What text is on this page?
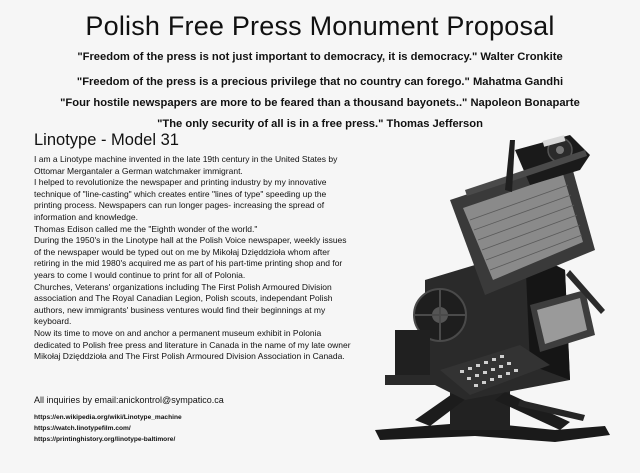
Polish Free Press Monument Proposal
"Freedom of the press is not just important to democracy, it is democracy." Walter Cronkite
"Freedom of the press is a precious privilege that no country can forego." Mahatma Gandhi
"Four hostile newspapers are more to be feared than a thousand bayonets.." Napoleon Bonaparte
"The only security of all is in a free press." Thomas Jefferson
Linotype - Model 31

I am a Linotype machine invented in the late 19th century in the United States by Ottomar Mergantaler a German watchmaker immigrant.

I helped to revolutionize the newspaper and printing industry by my innovative technique of "line-casting" which creates entire "lines of type" speeding up the printing process. Newspapers can run longer pages- increasing the spread of information and knowledge.

Thomas Edison called me the "Eighth wonder of the world."

During the 1950's in the Linotype hall at the Polish Voice newspaper, weekly issues of the newspaper would be typed out on me by Mikołaj Dzięddzioła whom after retiring in the mid 1980's acquired me as part of his part-time printing shop and for years to come I would continue to print for all of Polonia.

Churches, Veterans' organizations including The First Polish Armoured Division association and The Royal Canadian Legion, Polish scouts, independant Polish authors, new immigrants' business ventures would find their beginnings at my keyboard.

Now its time to move on and anchor a permanent museum exhibit in Polonia dedicated to Polish free press and literature in Canada in the name of my late owner Mikołaj Dzięddzioła and The First Polish Armoured Division Association in Canada.

All inquiries by email:anickontrol@sympatico.ca
https://en.wikipedia.org/wiki/Linotype_machine
https://watch.linotypefilm.com/
https://printinghistory.org/linotype-baltimore/
